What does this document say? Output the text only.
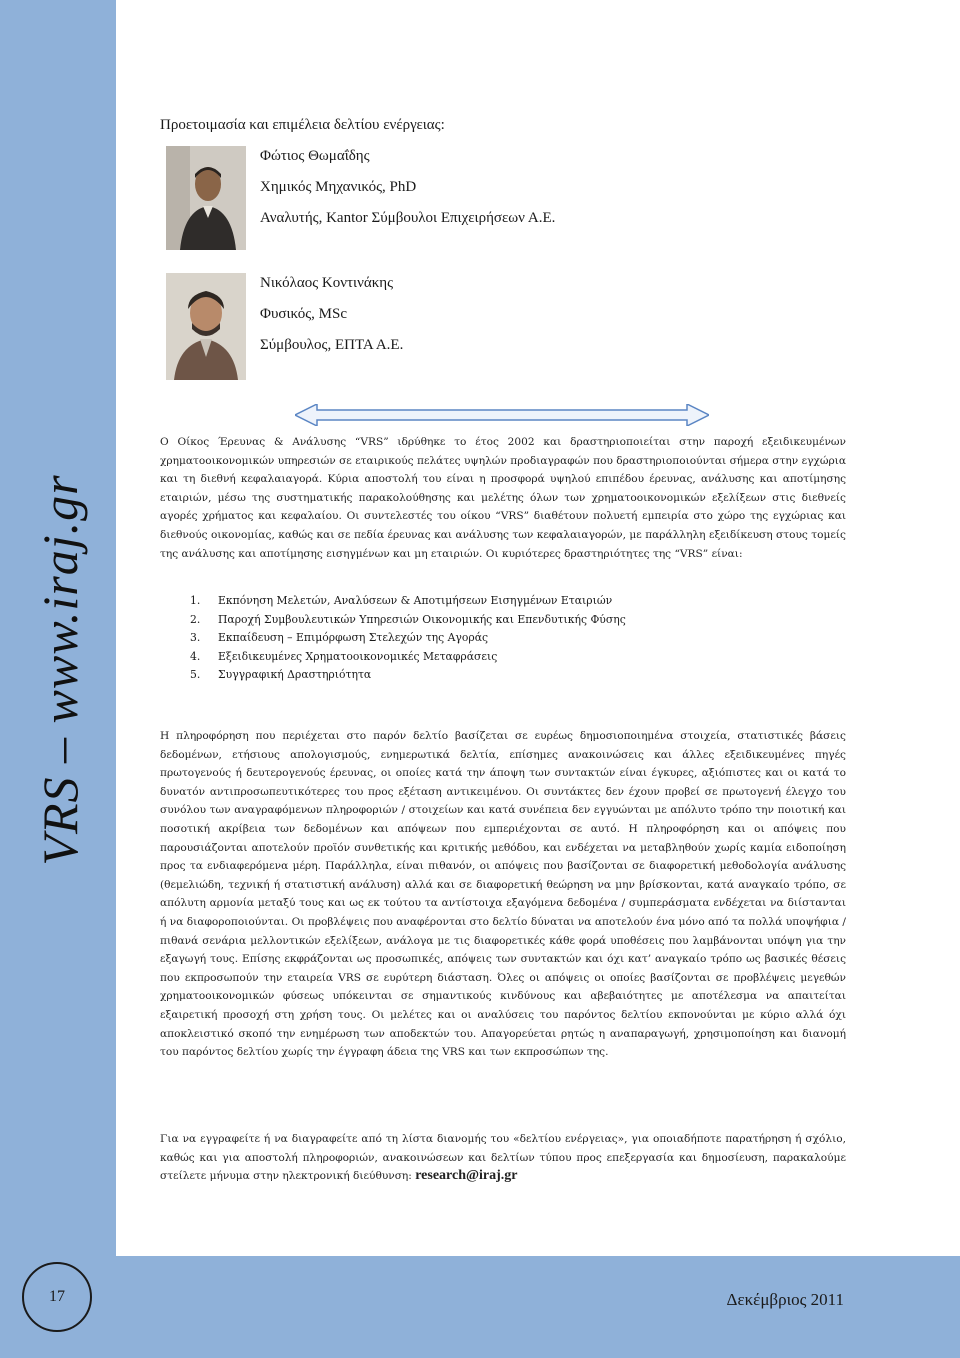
VRS – www.iraj.gr
Προετοιμασία και επιμέλεια δελτίου ενέργειας:
Φώτιος Θωμαΐδης
Χημικός Μηχανικός, PhD
Αναλυτής, Kantor Σύμβουλοι Επιχειρήσεων Α.Ε.
Νικόλαος Κοντινάκης
Φυσικός, MSc
Σύμβουλος, ΕΠΤΑ Α.Ε.
Ο Οίκος Έρευνας & Ανάλυσης “VRS” ιδρύθηκε το έτος 2002 και δραστηριοποιείται στην παροχή εξειδικευμένων χρηματοοικονομικών υπηρεσιών σε εταιρικούς πελάτες υψηλών προδιαγραφών που δραστηριοποιούνται σήμερα στην εγχώρια και τη διεθνή κεφαλαιαγορά. Κύρια αποστολή του είναι η προσφορά υψηλού επιπέδου έρευνας, ανάλυσης και αποτίμησης εταιριών, μέσω της συστηματικής παρακολούθησης και μελέτης όλων των χρηματοοικονομικών εξελίξεων στις διεθνείς αγορές χρήματος και κεφαλαίου. Οι συντελεστές του οίκου “VRS” διαθέτουν πολυετή εμπειρία στο χώρο της εγχώριας και διεθνούς οικονομίας, καθώς και σε πεδία έρευνας και ανάλυσης των κεφαλαιαγορών, με παράλληλη εξειδίκευση στους τομείς της ανάλυσης και αποτίμησης εισηγμένων και μη εταιριών. Οι κυριότερες δραστηριότητες της “VRS” είναι:
1. Εκπόνηση Μελετών, Αναλύσεων & Αποτιμήσεων Εισηγμένων Εταιριών
2. Παροχή Συμβουλευτικών Υπηρεσιών Οικονομικής και Επενδυτικής Φύσης
3. Εκπαίδευση – Επιμόρφωση Στελεχών της Αγοράς
4. Εξειδικευμένες Χρηματοοικονομικές Μεταφράσεις
5. Συγγραφική Δραστηριότητα
Η πληροφόρηση που περιέχεται στο παρόν δελτίο βασίζεται σε ευρέως δημοσιοποιημένα στοιχεία, στατιστικές βάσεις δεδομένων, ετήσιους απολογισμούς, ενημερωτικά δελτία, επίσημες ανακοινώσεις και άλλες εξειδικευμένες πηγές πρωτογενούς ή δευτερογενούς έρευνας, οι οποίες κατά την άποψη των συντακτών είναι έγκυρες, αξιόπιστες και οι κατά το δυνατόν αντιπροσωπευτικότερες του προς εξέταση αντικειμένου. Οι συντάκτες δεν έχουν προβεί σε πρωτογενή έλεγχο του συνόλου των αναγραφόμενων πληροφοριών / στοιχείων και κατά συνέπεια δεν εγγυώνται με απόλυτο τρόπο την ποιοτική και ποσοτική ακρίβεια των δεδομένων και απόψεων που εμπεριέχονται σε αυτό. Η πληροφόρηση και οι απόψεις που παρουσιάζονται αποτελούν προϊόν συνθετικής και κριτικής μεθόδου, και ενδέχεται να μεταβληθούν χωρίς καμία ειδοποίηση προς τα ενδιαφερόμενα μέρη. Παράλληλα, είναι πιθανόν, οι απόψεις που βασίζονται σε διαφορετική μεθοδολογία ανάλυσης (θεμελιώδη, τεχνική ή στατιστική ανάλυση) αλλά και σε διαφορετική θεώρηση να μην βρίσκονται, κατά αναγκαίο τρόπο, σε απόλυτη αρμονία μεταξύ τους και ως εκ τούτου τα αντίστοιχα εξαγόμενα δεδομένα / συμπεράσματα ενδέχεται να διίστανται ή να διαφοροποιούνται. Οι προβλέψεις που αναφέρονται στο δελτίο δύναται να αποτελούν ένα μόνο από τα πολλά υποψήφια / πιθανά σενάρια μελλοντικών εξελίξεων, ανάλογα με τις διαφορετικές κάθε φορά υποθέσεις που λαμβάνονται υπόψη για την εξαγωγή τους. Επίσης εκφράζονται ως προσωπικές, απόψεις των συντακτών και όχι κατ’ αναγκαίο τρόπο ως βασικές θέσεις που εκπροσωπούν την εταιρεία VRS σε ευρύτερη διάσταση. Όλες οι απόψεις οι οποίες βασίζονται σε προβλέψεις μεγεθών χρηματοοικονομικών φύσεως υπόκεινται σε σημαντικούς κινδύνους και αβεβαιότητες με αποτέλεσμα να απαιτείται εξαιρετική προσοχή στη χρήση τους. Οι μελέτες και οι αναλύσεις του παρόντος δελτίου εκπονούνται με κύριο αλλά όχι αποκλειστικό σκοπό την ενημέρωση των αποδεκτών του. Απαγορεύεται ρητώς η αναπαραγωγή, χρησιμοποίηση και διανομή του παρόντος δελτίου χωρίς την έγγραφη άδεια της VRS και των εκπροσώπων της.
Για να εγγραφείτε ή να διαγραφείτε από τη λίστα διανομής του «δελτίου ενέργειας», για οποιαδήποτε παρατήρηση ή σχόλιο, καθώς και για αποστολή πληροφοριών, ανακοινώσεων και δελτίων τύπου προς επεξεργασία και δημοσίευση, παρακαλούμε στείλετε μήνυμα στην ηλεκτρονική διεύθυνση: research@iraj.gr
17	Δεκέμβριος 2011
